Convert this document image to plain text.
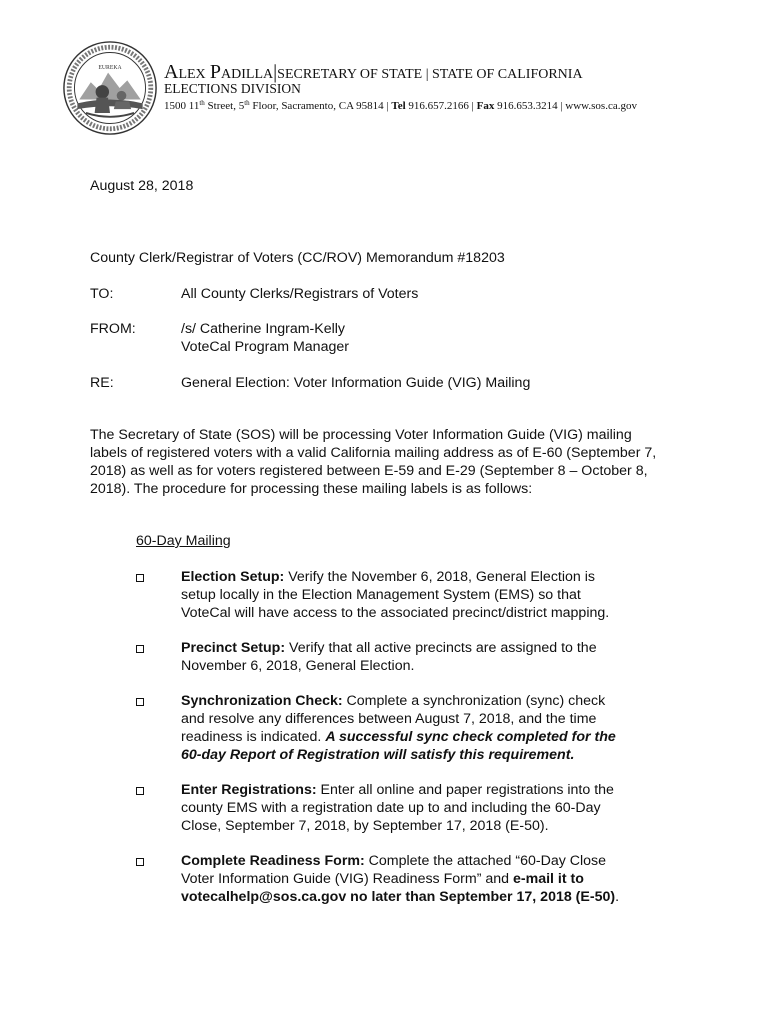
EUREKA ALEX PADILLA|SECRETARY OF STATE | STATE OF CALIFORNIA
ELECTIONS DIVISION
1500 11th Street, 5th Floor, Sacramento, CA 95814 | Tel 916.657.2166 | Fax 916.653.3214 | www.sos.ca.gov
August 28, 2018
County Clerk/Registrar of Voters (CC/ROV) Memorandum #18203
TO:	All County Clerks/Registrars of Voters
FROM:	/s/ Catherine Ingram-Kelly
VoteCal Program Manager
RE:	General Election: Voter Information Guide (VIG) Mailing
The Secretary of State (SOS) will be processing Voter Information Guide (VIG) mailing labels of registered voters with a valid California mailing address as of E-60 (September 7, 2018) as well as for voters registered between E-59 and E-29 (September 8 – October 8, 2018). The procedure for processing these mailing labels is as follows:
60-Day Mailing
Election Setup: Verify the November 6, 2018, General Election is
setup locally in the Election Management System (EMS) so that
VoteCal will have access to the associated precinct/district mapping.
Precinct Setup: Verify that all active precincts are assigned to the
November 6, 2018, General Election.
Synchronization Check: Complete a synchronization (sync) check
and resolve any differences between August 7, 2018, and the time
readiness is indicated. A successful sync check completed for the
60-day Report of Registration will satisfy this requirement.
Enter Registrations: Enter all online and paper registrations into the
county EMS with a registration date up to and including the 60-Day
Close, September 7, 2018, by September 17, 2018 (E-50).
Complete Readiness Form: Complete the attached “60-Day Close
Voter Information Guide (VIG) Readiness Form” and e-mail it to
votecalhelp@sos.ca.gov no later than September 17, 2018 (E-50).
